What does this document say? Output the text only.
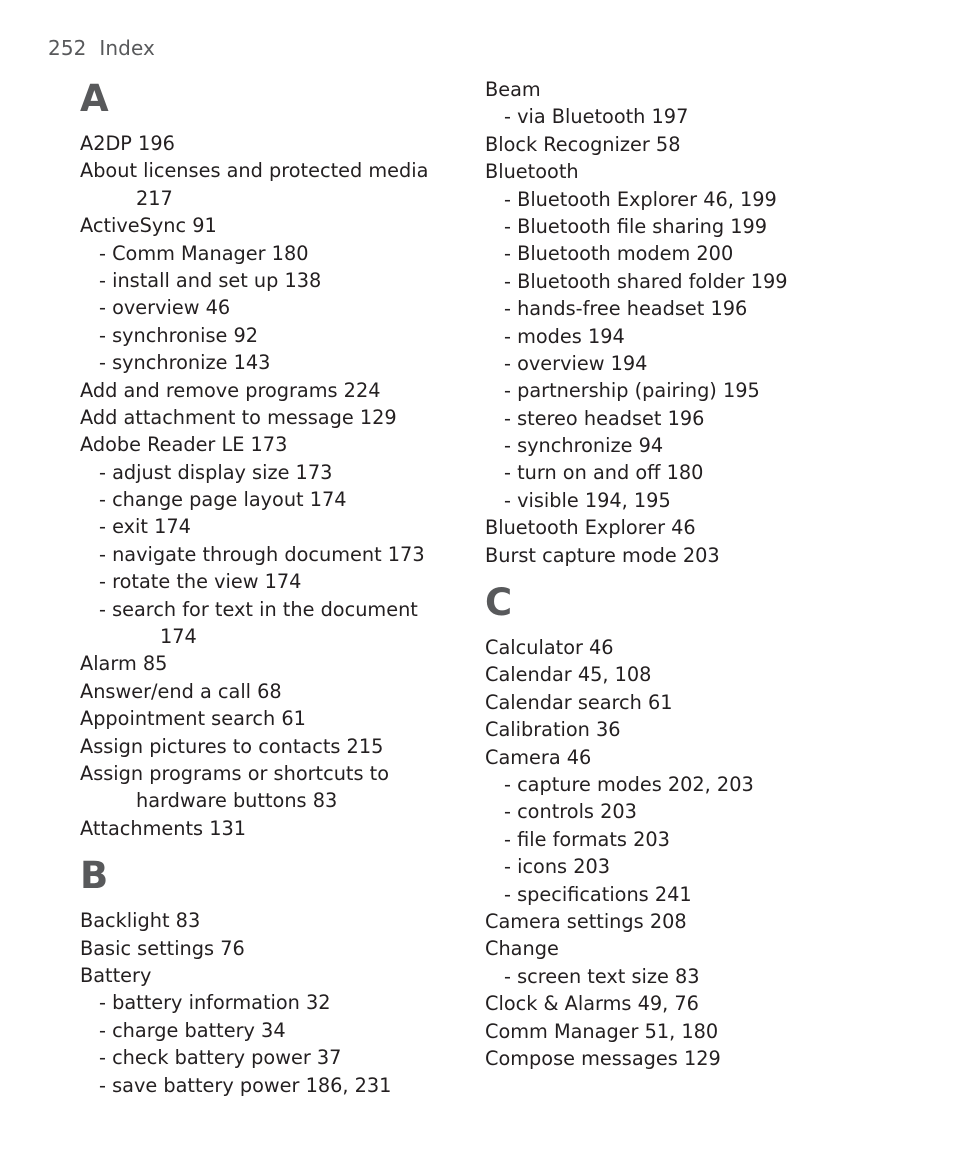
252  Index
A
A2DP 196
About licenses and protected media
217
ActiveSync 91
- Comm Manager 180
- install and set up 138
- overview 46
- synchronise 92
- synchronize 143
Add and remove programs 224
Add attachment to message 129
Adobe Reader LE 173
- adjust display size 173
- change page layout 174
- exit 174
- navigate through document 173
- rotate the view 174
- search for text in the document
174
Alarm 85
Answer/end a call 68
Appointment search 61
Assign pictures to contacts 215
Assign programs or shortcuts to
hardware buttons 83
Attachments 131
B
Backlight 83
Basic settings 76
Battery
- battery information 32
- charge battery 34
- check battery power 37
- save battery power 186, 231
Beam
- via Bluetooth 197
Block Recognizer 58
Bluetooth
- Bluetooth Explorer 46, 199
- Bluetooth file sharing 199
- Bluetooth modem 200
- Bluetooth shared folder 199
- hands-free headset 196
- modes 194
- overview 194
- partnership (pairing) 195
- stereo headset 196
- synchronize 94
- turn on and off 180
- visible 194, 195
Bluetooth Explorer 46
Burst capture mode 203
C
Calculator 46
Calendar 45, 108
Calendar search 61
Calibration 36
Camera 46
- capture modes 202, 203
- controls 203
- file formats 203
- icons 203
- specifications 241
Camera settings 208
Change
- screen text size 83
Clock & Alarms 49, 76
Comm Manager 51, 180
Compose messages 129
